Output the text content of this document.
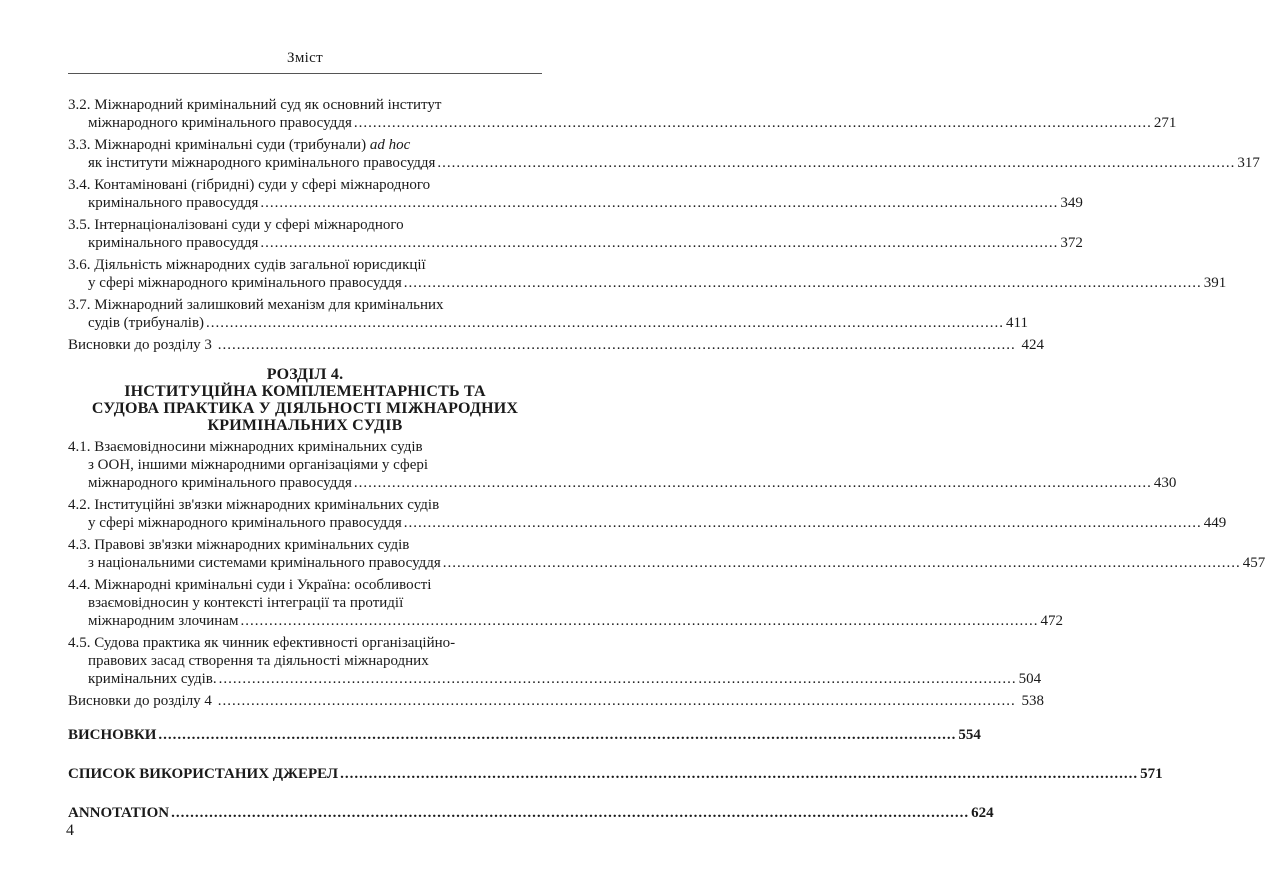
Зміст
3.2. Міжнародний кримінальний суд як основний інститут
міжнародного кримінального правосуддя .....	271
3.3. Міжнародні кримінальні суди (трибунали) ad hoc
як інститути міжнародного кримінального правосуддя .....	317
3.4. Контаміновані (гібридні) суди у сфері міжнародного
кримінального правосуддя .....	349
3.5. Інтернаціоналізовані суди у сфері міжнародного
кримінального правосуддя .....	372
3.6. Діяльність міжнародних судів загальної юрисдикції
у сфері міжнародного кримінального правосуддя .....	391
3.7. Міжнародний залишковий механізм для кримінальних
судів (трибуналів) .....	411
Висновки до розділу 3 .....	424
РОЗДІЛ 4.
ІНСТИТУЦІЙНА КОМПЛЕМЕНТАРНІСТЬ ТА
СУДОВА ПРАКТИКА У ДІЯЛЬНОСТІ МІЖНАРОДНИХ
КРИМІНАЛЬНИХ СУДІВ
4.1. Взаємовідносини міжнародних кримінальних судів
з ООН, іншими міжнародними організаціями у сфері
міжнародного кримінального правосуддя .....	430
4.2. Інституційні зв'язки міжнародних кримінальних судів
у сфері міжнародного кримінального правосуддя .....	449
4.3. Правові зв'язки міжнародних кримінальних судів
з національними системами кримінального правосуддя .....	457
4.4. Міжнародні кримінальні суди і Україна: особливості
взаємовідносин у контексті інтеграції та протидії
міжнародним злочинам .....	472
4.5. Судова практика як чинник ефективності організаційно-
правових засад створення та діяльності міжнародних
кримінальних судів. .....	504
Висновки до розділу 4 .....	538
ВИСНОВКИ .....	554
СПИСОК ВИКОРИСТАНИХ ДЖЕРЕЛ .....	571
ANNOTATION .....	624
4
